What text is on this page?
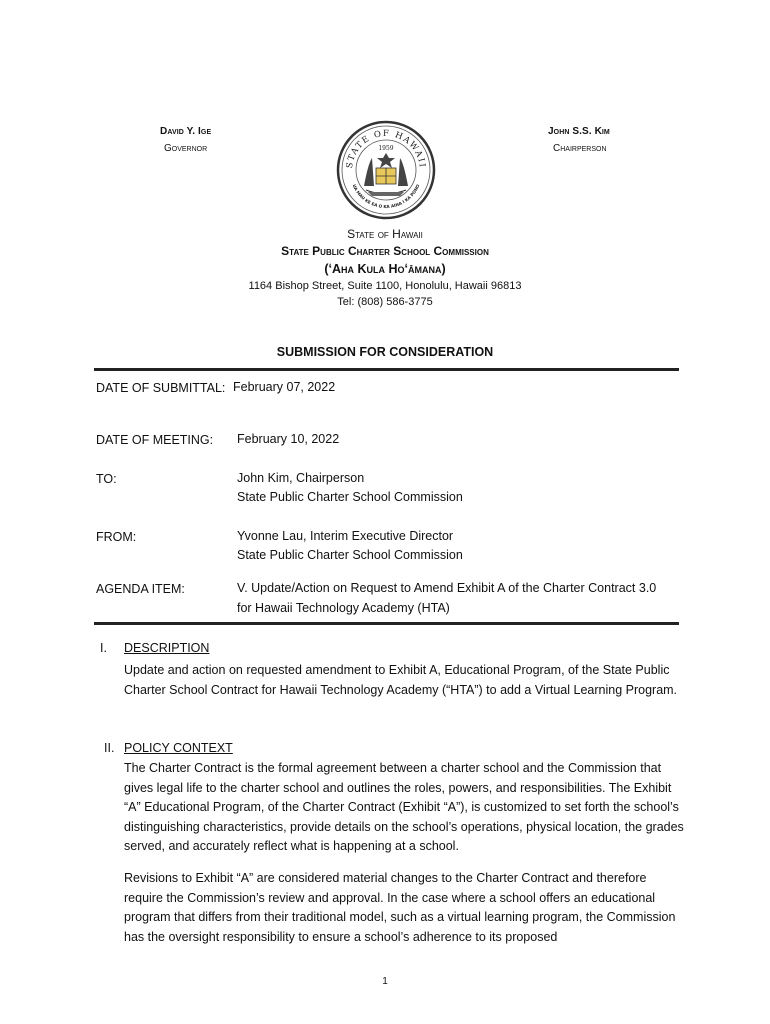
David Y. Ige
Governor
John S.S. Kim
Chairperson
STATE OF HAWAII
UA MAU KE EA O KA AINA I KA PONO
1959
State of Hawaii
State Public Charter School Commission
(ʻAha Kula Hoʻāmana)
1164 Bishop Street, Suite 1100, Honolulu, Hawaii 96813
Tel: (808) 586-3775
SUBMISSION FOR CONSIDERATION
DATE OF SUBMITTAL: February 07, 2022
DATE OF MEETING: February 10, 2022
TO:	John Kim, Chairperson
State Public Charter School Commission
FROM:	Yvonne Lau, Interim Executive Director
State Public Charter School Commission
AGENDA ITEM:	V. Update/Action on Request to Amend Exhibit A of the Charter Contract 3.0
for Hawaii Technology Academy (HTA)
I. DESCRIPTION
Update and action on requested amendment to Exhibit A, Educational Program, of the State Public Charter School Contract for Hawaii Technology Academy (“HTA”) to add a Virtual Learning Program.
II. POLICY CONTEXT
The Charter Contract is the formal agreement between a charter school and the Commission that gives legal life to the charter school and outlines the roles, powers, and responsibilities. The Exhibit “A” Educational Program, of the Charter Contract (Exhibit “A”), is customized to set forth the school’s distinguishing characteristics, provide details on the school’s operations, physical location, the grades served, and accurately reflect what is happening at a school.
Revisions to Exhibit “A” are considered material changes to the Charter Contract and therefore require the Commission’s review and approval. In the case where a school offers an educational program that differs from their traditional model, such as a virtual learning program, the Commission has the oversight responsibility to ensure a school’s adherence to its proposed
1
